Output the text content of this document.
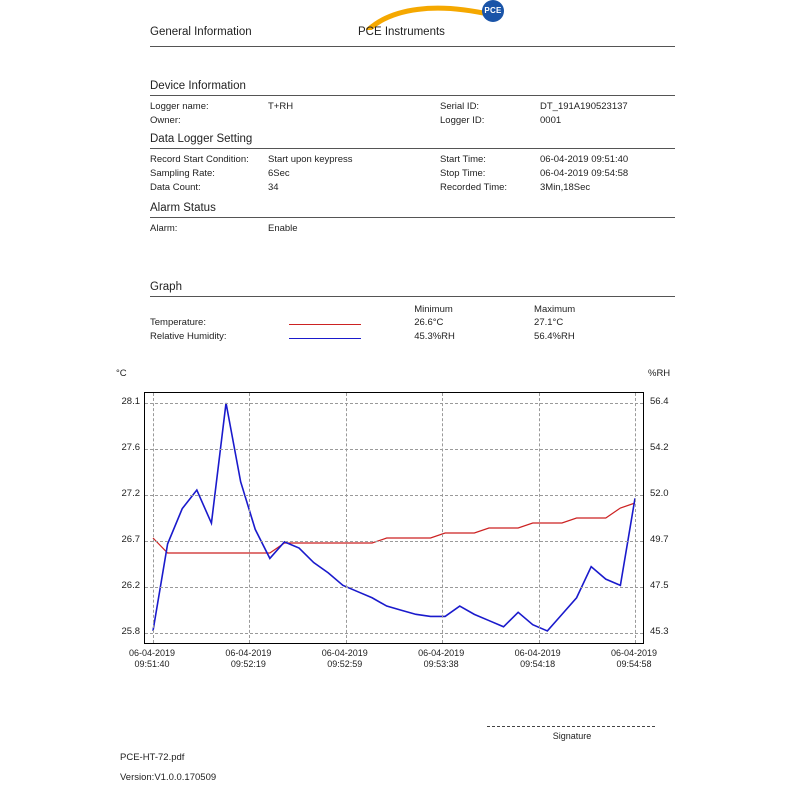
General Information
PCE
PCE Instruments
Device Information
Logger name:	T+RH	Serial ID:	DT_191A190523137
Owner:		Logger ID:	0001
Data Logger Setting
Record Start Condition:	Start upon keypress	Start Time:	06-04-2019 09:51:40
Sampling Rate:	6Sec	Stop Time:	06-04-2019 09:54:58
Data Count:	34	Recorded Time:	3Min,18Sec
Alarm Status
Alarm:	Enable		
Graph
		Minimum	Maximum
Temperature:		26.6°C	27.1°C
Relative Humidity:		45.3%RH	56.4%RH
°C	%RH
28.1
27.6
27.2
26.7
26.2
25.8
56.4
54.2
52.0
49.7
47.5
45.3
06-04-2019
09:51:40
06-04-2019
09:52:19
06-04-2019
09:52:59
06-04-2019
09:53:38
06-04-2019
09:54:18
06-04-2019
09:54:58
Signature
PCE-HT-72.pdf
Version:V1.0.0.170509
